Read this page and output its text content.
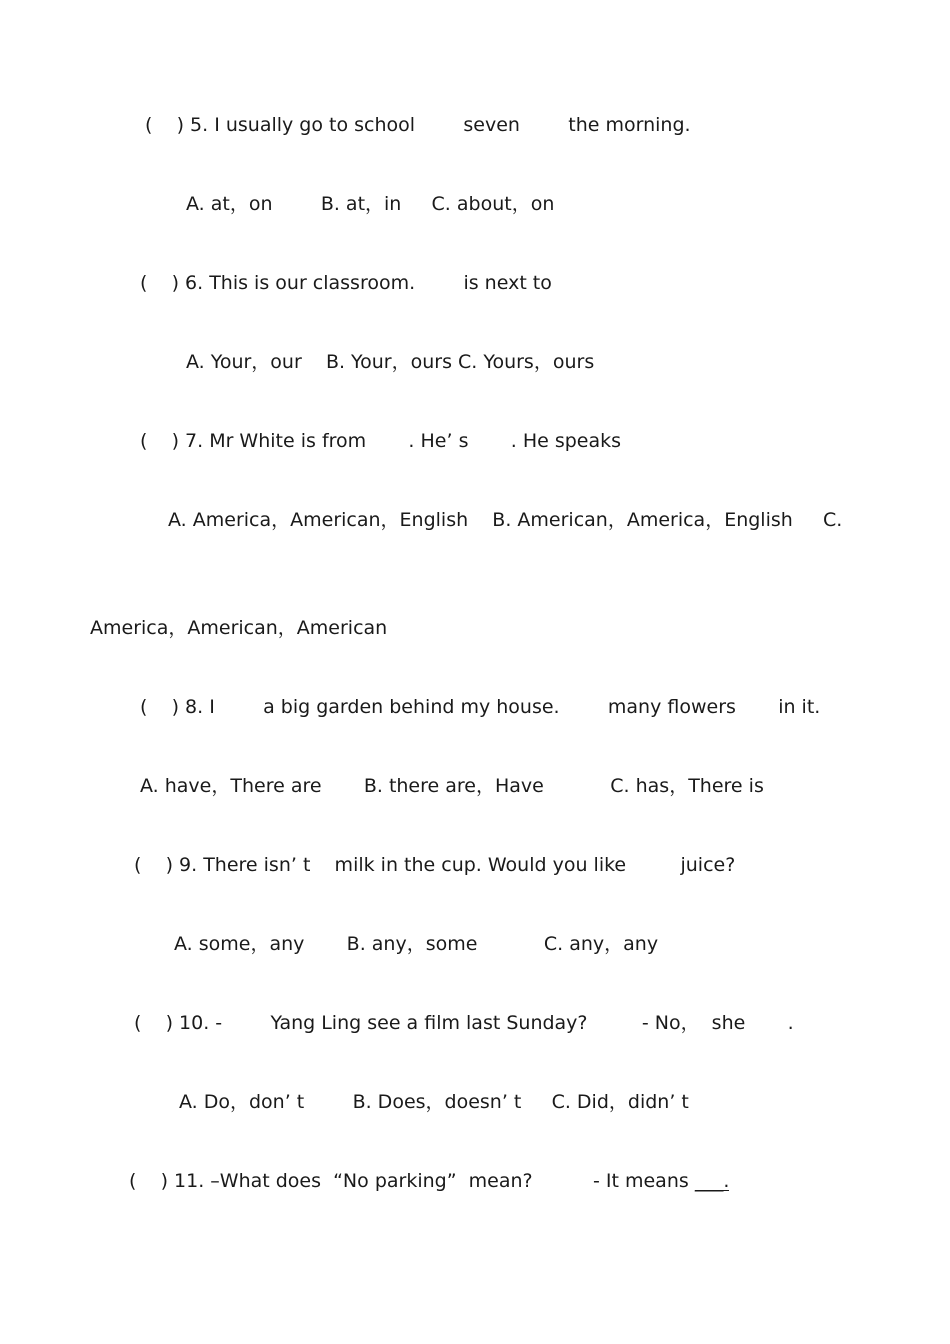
(    ) 5. I usually go to school        seven        the morning.
A. at，on        B. at，in     C. about，on
(    ) 6. This is our classroom.        is next to
A. Your，our    B. Your，ours C. Yours，ours
(    ) 7. Mr White is from       . He’ s       . He speaks
A. America，American，English    B. American，America，English     C.
America，American，American
(    ) 8. I        a big garden behind my house.        many flowers       in it.
A. have，There are       B. there are，Have           C. has，There is
(    ) 9. There isn’ t    milk in the cup. Would you like         juice?
A. some，any       B. any，some           C. any，any
(    ) 10. -        Yang Ling see a film last Sunday?         - No，  she       .
A. Do，don’ t        B. Does，doesn’ t     C. Did，didn’ t
(    ) 11. –What does  “No parking”  mean?          - It means ___.
